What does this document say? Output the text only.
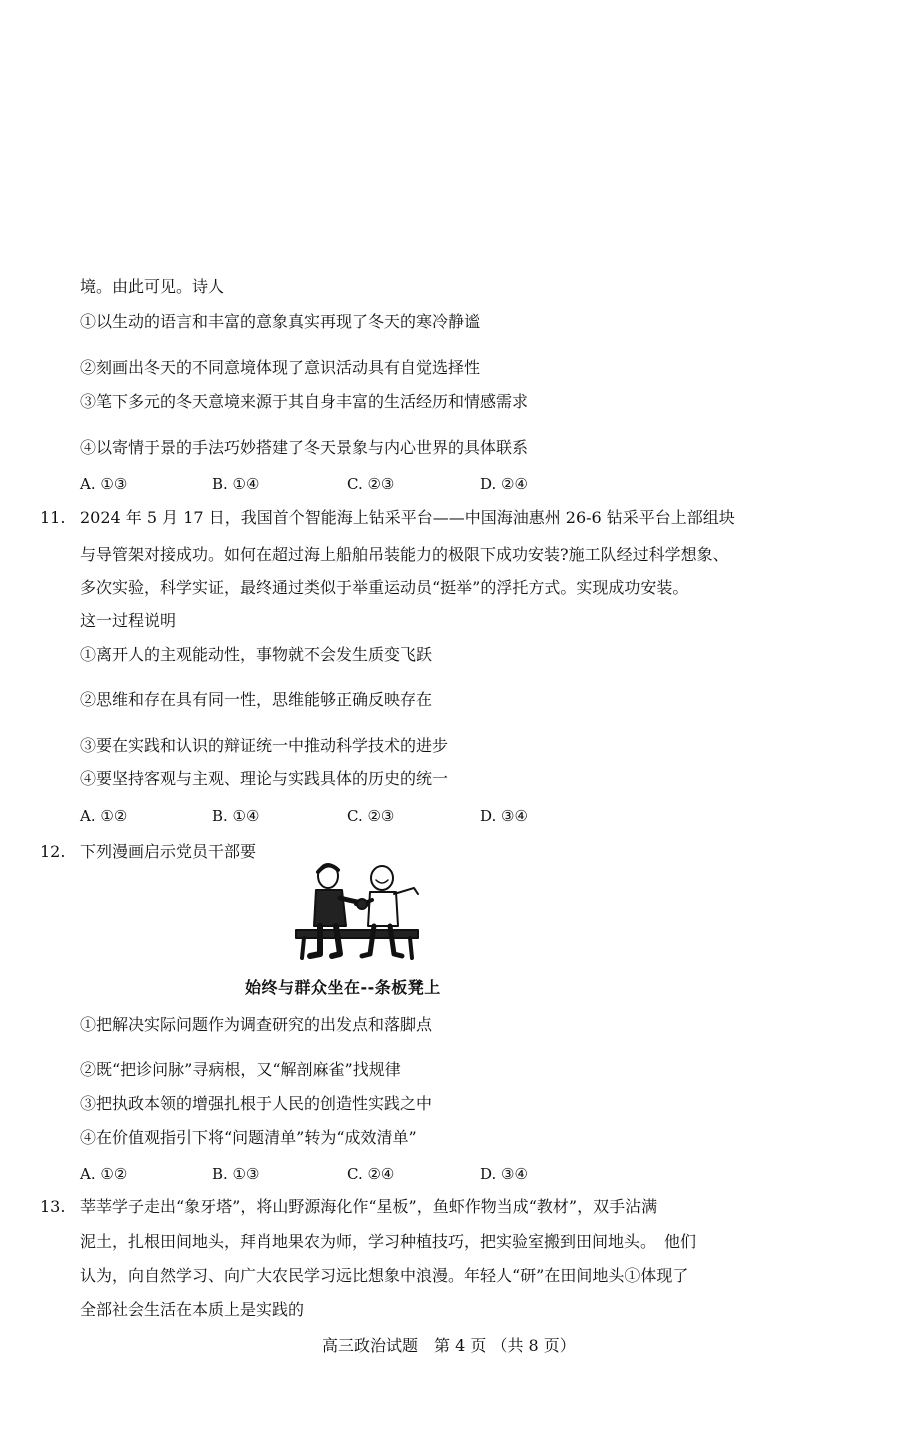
境。由此可见。诗人
①以生动的语言和丰富的意象真实再现了冬天的寒冷静谧
②刻画出冬天的不同意境体现了意识活动具有自觉选择性
③笔下多元的冬天意境来源于其自身丰富的生活经历和情感需求
④以寄情于景的手法巧妙搭建了冬天景象与内心世界的具体联系
A. ①③	B. ①④	C. ②③	D. ②④
11. 2024 年 5 月 17 日，我国首个智能海上钻采平台——中国海油惠州 26-6 钻采平台上部组块
与导管架对接成功。如何在超过海上船舶吊装能力的极限下成功安装?施工队经过科学想象、
多次实验，科学实证，最终通过类似于举重运动员“挺举”的浮托方式。实现成功安装。
这一过程说明
①离开人的主观能动性，事物就不会发生质变飞跃
②思维和存在具有同一性，思维能够正确反映存在
③要在实践和认识的辩证统一中推动科学技术的进步
④要坚持客观与主观、理论与实践具体的历史的统一
A. ①②	B. ①④	C. ②③	D. ③④
12. 下列漫画启示党员干部要
始终与群众坐在--条板凳上
①把解决实际问题作为调查研究的出发点和落脚点
②既“把诊问脉”寻病根，又“解剖麻雀”找规律
③把执政本领的增强扎根于人民的创造性实践之中
④在价值观指引下将“问题清单”转为“成效清单”
A. ①②	B. ①③	C. ②④	D. ③④
13. 莘莘学子走出“象牙塔”，将山野源海化作“星板”，鱼虾作物当成“教材”，双手沾满
泥土，扎根田间地头，拜肖地果农为师，学习种植技巧，把实验室搬到田间地头。　他们
认为，向自然学习、向广大农民学习远比想象中浪漫。年轻人“研”在田间地头①体现了
全部社会生活在本质上是实践的
高三政治试题　第 4 页 （共 8 页）
